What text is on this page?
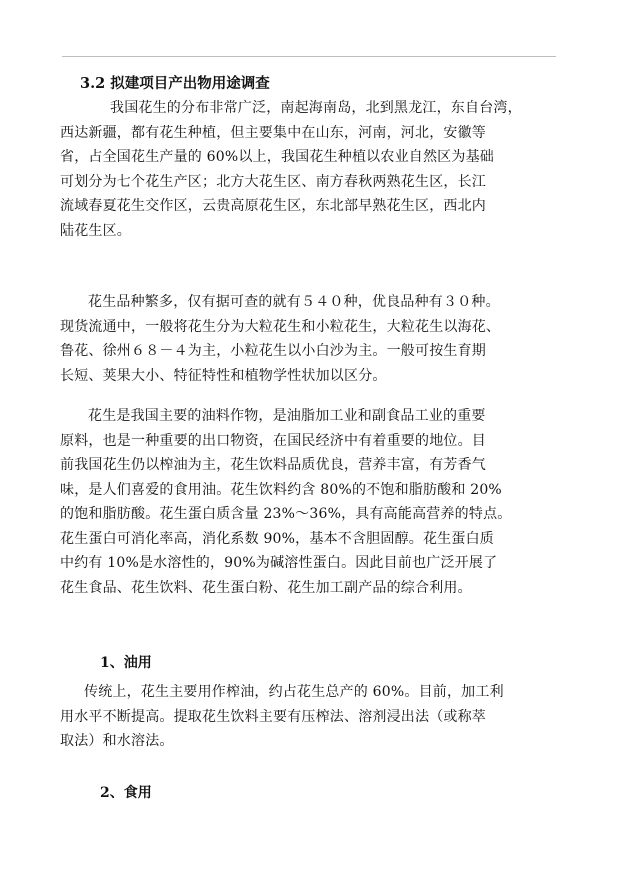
3.2 拟建项目产出物用途调查
我国花生的分布非常广泛，南起海南岛，北到黑龙江，东自台湾，
西达新疆，都有花生种植，但主要集中在山东，河南，河北，安徽等
省，占全国花生产量的 60%以上，我国花生种植以农业自然区为基础
可划分为七个花生产区；北方大花生区、南方春秋两熟花生区，长江
流域春夏花生交作区，云贵高原花生区，东北部早熟花生区，西北内
陆花生区。
花生品种繁多，仅有据可查的就有５４０种，优良品种有３０种。
现货流通中，一般将花生分为大粒花生和小粒花生，大粒花生以海花、
鲁花、徐州６８－４为主，小粒花生以小白沙为主。一般可按生育期
长短、荚果大小、特征特性和植物学性状加以区分。
花生是我国主要的油料作物，是油脂加工业和副食品工业的重要
原料，也是一种重要的出口物资，在国民经济中有着重要的地位。目
前我国花生仍以榨油为主，花生饮料品质优良，营养丰富，有芳香气
味，是人们喜爱的食用油。花生饮料约含 80%的不饱和脂肪酸和 20%
的饱和脂肪酸。花生蛋白质含量 23%～36%，具有高能高营养的特点。
花生蛋白可消化率高，消化系数 90%，基本不含胆固醇。花生蛋白质
中约有 10%是水溶性的，90%为碱溶性蛋白。因此目前也广泛开展了
花生食品、花生饮料、花生蛋白粉、花生加工副产品的综合利用。
1、油用
传统上，花生主要用作榨油，约占花生总产的 60%。目前，加工利
用水平不断提高。提取花生饮料主要有压榨法、溶剂浸出法（或称萃
取法）和水溶法。
2、食用
